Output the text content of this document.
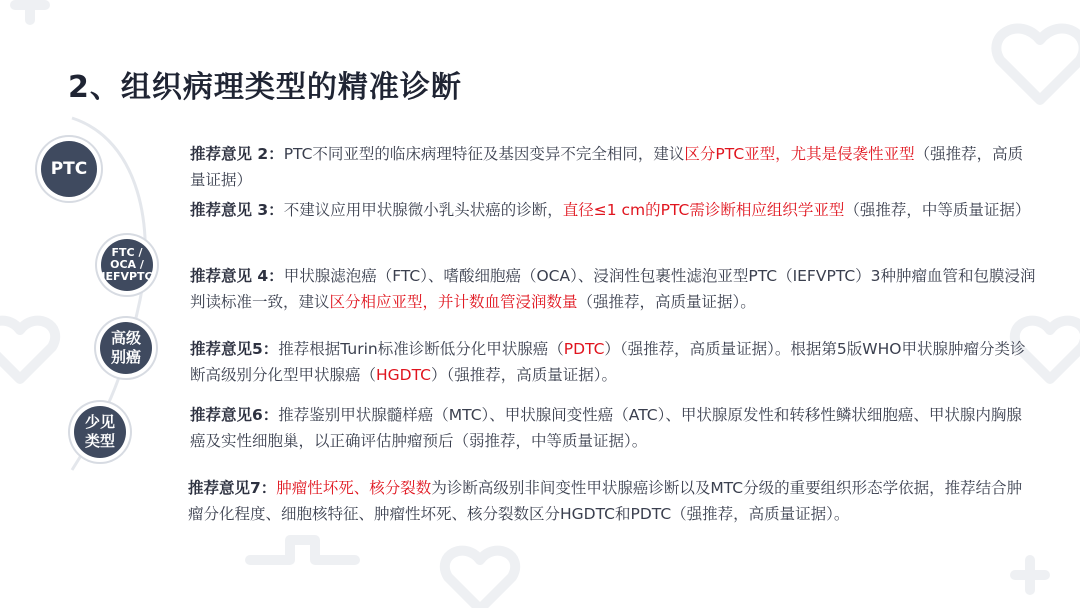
2、组织病理类型的精准诊断
PTC
FTC /
OCA /
IEFVPTC
高级
别癌
少见
类型

推荐意见 2：PTC不同亚型的临床病理特征及基因变异不完全相同，建议区分PTC亚型，尤其是侵袭性亚型（强推荐，高质量证据）

推荐意见 3：不建议应用甲状腺微小乳头状癌的诊断，直径≤1 cm的PTC需诊断相应组织学亚型（强推荐，中等质量证据）

推荐意见 4：甲状腺滤泡癌（FTC）、嗜酸细胞癌（OCA）、浸润性包裹性滤泡亚型PTC（IEFVPTC）3种肿瘤血管和包膜浸润判读标准一致，建议区分相应亚型，并计数血管浸润数量（强推荐，高质量证据）。

推荐意见5：推荐根据Turin标准诊断低分化甲状腺癌（PDTC）（强推荐，高质量证据）。根据第5版WHO甲状腺肿瘤分类诊断高级别分化型甲状腺癌（HGDTC）（强推荐，高质量证据）。

推荐意见6：推荐鉴别甲状腺髓样癌（MTC）、甲状腺间变性癌（ATC）、甲状腺原发性和转移性鳞状细胞癌、甲状腺内胸腺癌及实性细胞巢，以正确评估肿瘤预后（弱推荐，中等质量证据）。

推荐意见7：肿瘤性坏死、核分裂数为诊断高级别非间变性甲状腺癌诊断以及MTC分级的重要组织形态学依据，推荐结合肿瘤分化程度、细胞核特征、肿瘤性坏死、核分裂数区分HGDTC和PDTC（强推荐，高质量证据）。
